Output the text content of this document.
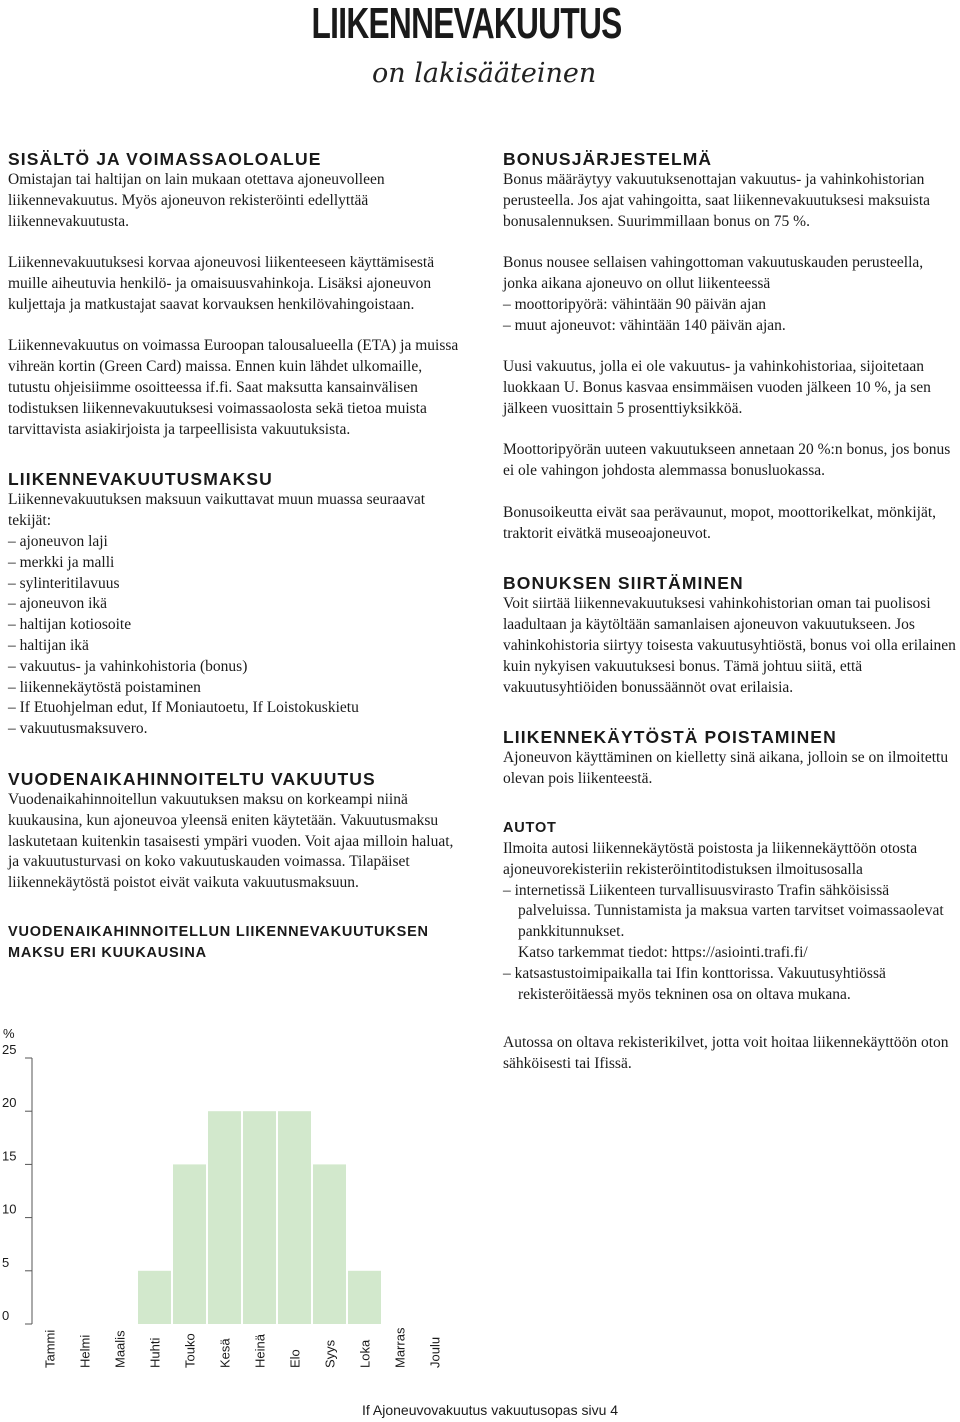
LIIKENNEVAKUUTUS
on lakisääteinen
SISÄLTÖ JA VOIMASSAOLOALUE

Omistajan tai haltijan on lain mukaan otettava ajoneuvolleen liikennevakuutus. Myös ajoneuvon rekisteröinti edellyttää liikennevakuutusta.

Liikennevakuutuksesi korvaa ajoneuvosi liikenteeseen käyttämisestä muille aiheutuvia henkilö- ja omaisuusvahinkoja. Lisäksi ajoneuvon kuljettaja ja matkustajat saavat korvauksen henkilövahingoistaan.

Liikennevakuutus on voimassa Euroopan talousalueella (ETA) ja muissa vihreän kortin (Green Card) maissa. Ennen kuin lähdet ulkomaille, tutustu ohjeisiimme osoitteessa if.fi. Saat maksutta kansainvälisen todistuksen liikennevakuutuksesi voimassaolosta sekä tietoa muista tarvittavista asiakirjoista ja tarpeellisista vakuutuksista.

LIIKENNEVAKUUTUSMAKSU

Liikennevakuutuksen maksuun vaikuttavat muun muassa seuraavat tekijät:

– ajoneuvon laji
– merkki ja malli
– sylinteritilavuus
– ajoneuvon ikä
– haltijan kotiosoite
– haltijan ikä
– vakuutus- ja vahinkohistoria (bonus)
– liikennekäytöstä poistaminen
– If Etuohjelman edut, If Moniautoetu, If Loistokuskietu
– vakuutusmaksuvero.
VUODENAIKAHINNOITELTU VAKUUTUS

Vuodenaikahinnoitellun vakuutuksen maksu on korkeampi niinä kuukausina, kun ajoneuvoa yleensä eniten käytetään. Vakuutusmaksu laskutetaan kuitenkin tasaisesti ympäri vuoden. Voit ajaa milloin haluat, ja vakuutusturvasi on koko vakuutuskauden voimassa. Tilapäiset liikennekäytöstä poistot eivät vaikuta vakuutusmaksuun.

VUODENAIKAHINNOITELLUN LIIKENNEVAKUUTUKSEN MAKSU ERI KUUKAUSINA
%
0
5
10
15
20
25
Tammi Helmi Maalis Huhti Touko Kesä Heinä Elo Syys Loka Marras Joulu
BONUSJÄRJESTELMÄ

Bonus määräytyy vakuutuksenottajan vakuutus- ja vahinkohistorian perusteella. Jos ajat vahingoitta, saat liikennevakuutuksesi maksuista bonusalennuksen. Suurimmillaan bonus on 75 %.

Bonus nousee sellaisen vahingottoman vakuutuskauden perusteella, jonka aikana ajoneuvo on ollut liikenteessä

– moottoripyörä: vähintään 90 päivän ajan
– muut ajoneuvot: vähintään 140 päivän ajan.

Uusi vakuutus, jolla ei ole vakuutus- ja vahinkohistoriaa, sijoitetaan luokkaan U. Bonus kasvaa ensimmäisen vuoden jälkeen 10 %, ja sen jälkeen vuosittain 5 prosenttiyksikköä.

Moottoripyörän uuteen vakuutukseen annetaan 20 %:n bonus, jos bonus ei ole vahingon johdosta alemmassa bonusluokassa.

Bonusoikeutta eivät saa perävaunut, mopot, moottorikelkat, mönkijät, traktorit eivätkä museoajoneuvot.

BONUKSEN SIIRTÄMINEN

Voit siirtää liikennevakuutuksesi vahinkohistorian oman tai puolisosi laadultaan ja käytöltään samanlaisen ajoneuvon vakuutukseen. Jos vahinkohistoria siirtyy toisesta vakuutusyhtiöstä, bonus voi olla erilainen kuin nykyisen vakuutuksesi bonus. Tämä johtuu siitä, että vakuutusyhtiöiden bonussäännöt ovat erilaisia.

LIIKENNEKÄYTÖSTÄ POISTAMINEN

Ajoneuvon käyttäminen on kielletty sinä aikana, jolloin se on ilmoitettu olevan pois liikenteestä.

AUTOT

Ilmoita autosi liikennekäytöstä poistosta ja liikennekäyttöön otosta ajoneuvorekisteriin rekisteröintitodistuksen ilmoitusosalla

– internetissä Liikenteen turvallisuusvirasto Trafin sähköisissä palveluissa. Tunnistamista ja maksua varten tarvitset voimassaolevat pankkitunnukset.
Katso tarkemmat tiedot: https://asiointi.trafi.fi/
– katsastustoimipaikalla tai Ifin konttorissa. Vakuutusyhtiössä rekisteröitäessä myös tekninen osa on oltava mukana.

Autossa on oltava rekisterikilvet, jotta voit hoitaa liikennekäyttöön oton sähköisesti tai Ifissä.

If Ajoneuvovakuutus vakuutusopas sivu 4
